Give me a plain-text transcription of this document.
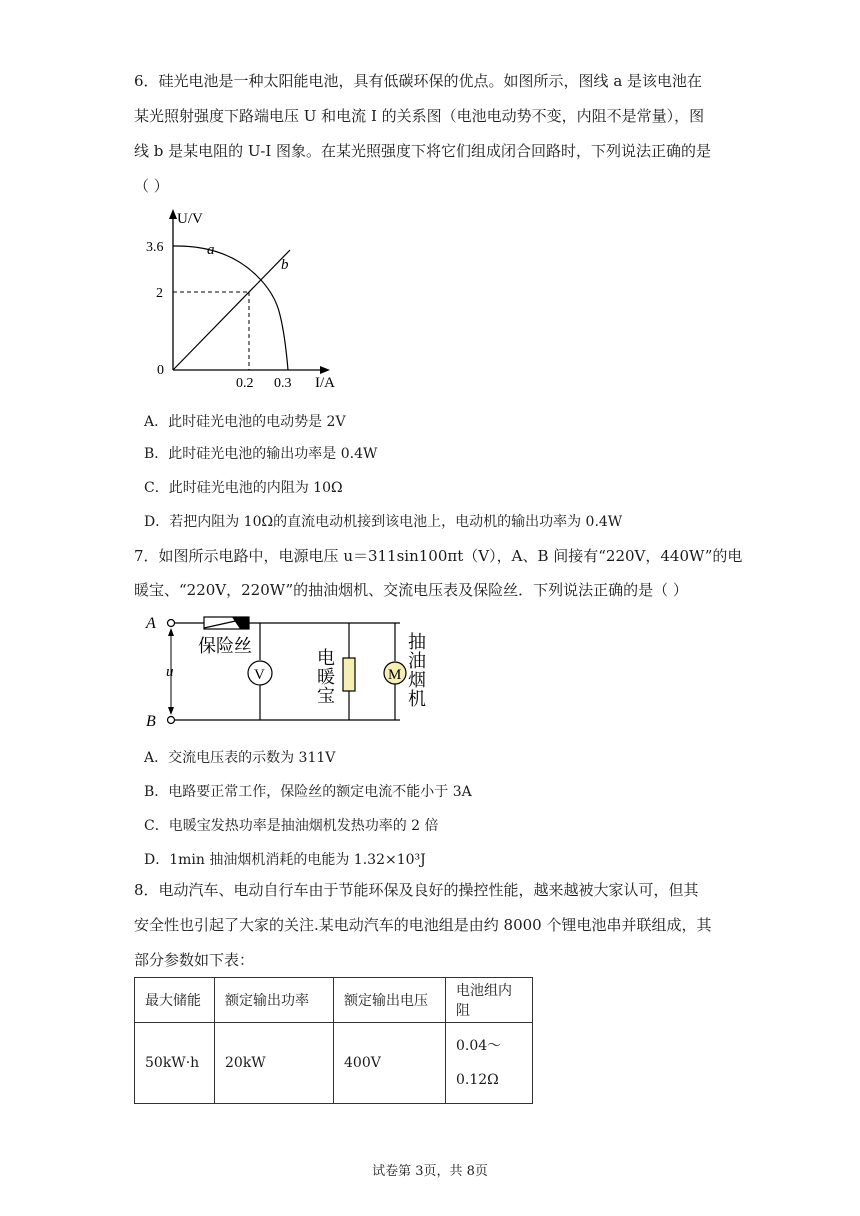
6．硅光电池是一种太阳能电池，具有低碳环保的优点。如图所示，图线 a 是该电池在
某光照射强度下路端电压 U 和电流 I 的关系图（电池电动势不变，内阻不是常量），图
线 b 是某电阻的 U-I 图象。在某光照强度下将它们组成闭合回路时，下列说法正确的是
（ ）
U/V
3.6
2
0
0.2 0.3 I/A
a
b
A．此时硅光电池的电动势是 2V
B．此时硅光电池的输出功率是 0.4W
C．此时硅光电池的内阻为 10Ω
D．若把内阻为 10Ω的直流电动机接到该电池上，电动机的输出功率为 0.4W
7．如图所示电路中，电源电压 u＝311sin100πt（V），A、B 间接有“220V，440W”的电
暖宝、“220V，220W”的抽油烟机、交流电压表及保险丝．下列说法正确的是（ ）
A
B
u
保险丝
V
电
暖
宝
M
抽
油
烟
机
A．交流电压表的示数为 311V
B．电路要正常工作，保险丝的额定电流不能小于 3A
C．电暖宝发热功率是抽油烟机发热功率的 2 倍
D．1min 抽油烟机消耗的电能为 1.32×10³J
8．电动汽车、电动自行车由于节能环保及良好的操控性能，越来越被大家认可，但其
安全性也引起了大家的关注.某电动汽车的电池组是由约 8000 个锂电池串并联组成，其
部分参数如下表：
最大储能	额定输出功率	额定输出电压	电池组内阻
50kW·h	20kW	400V	0.04～
0.12Ω
试卷第 3页，共 8页
